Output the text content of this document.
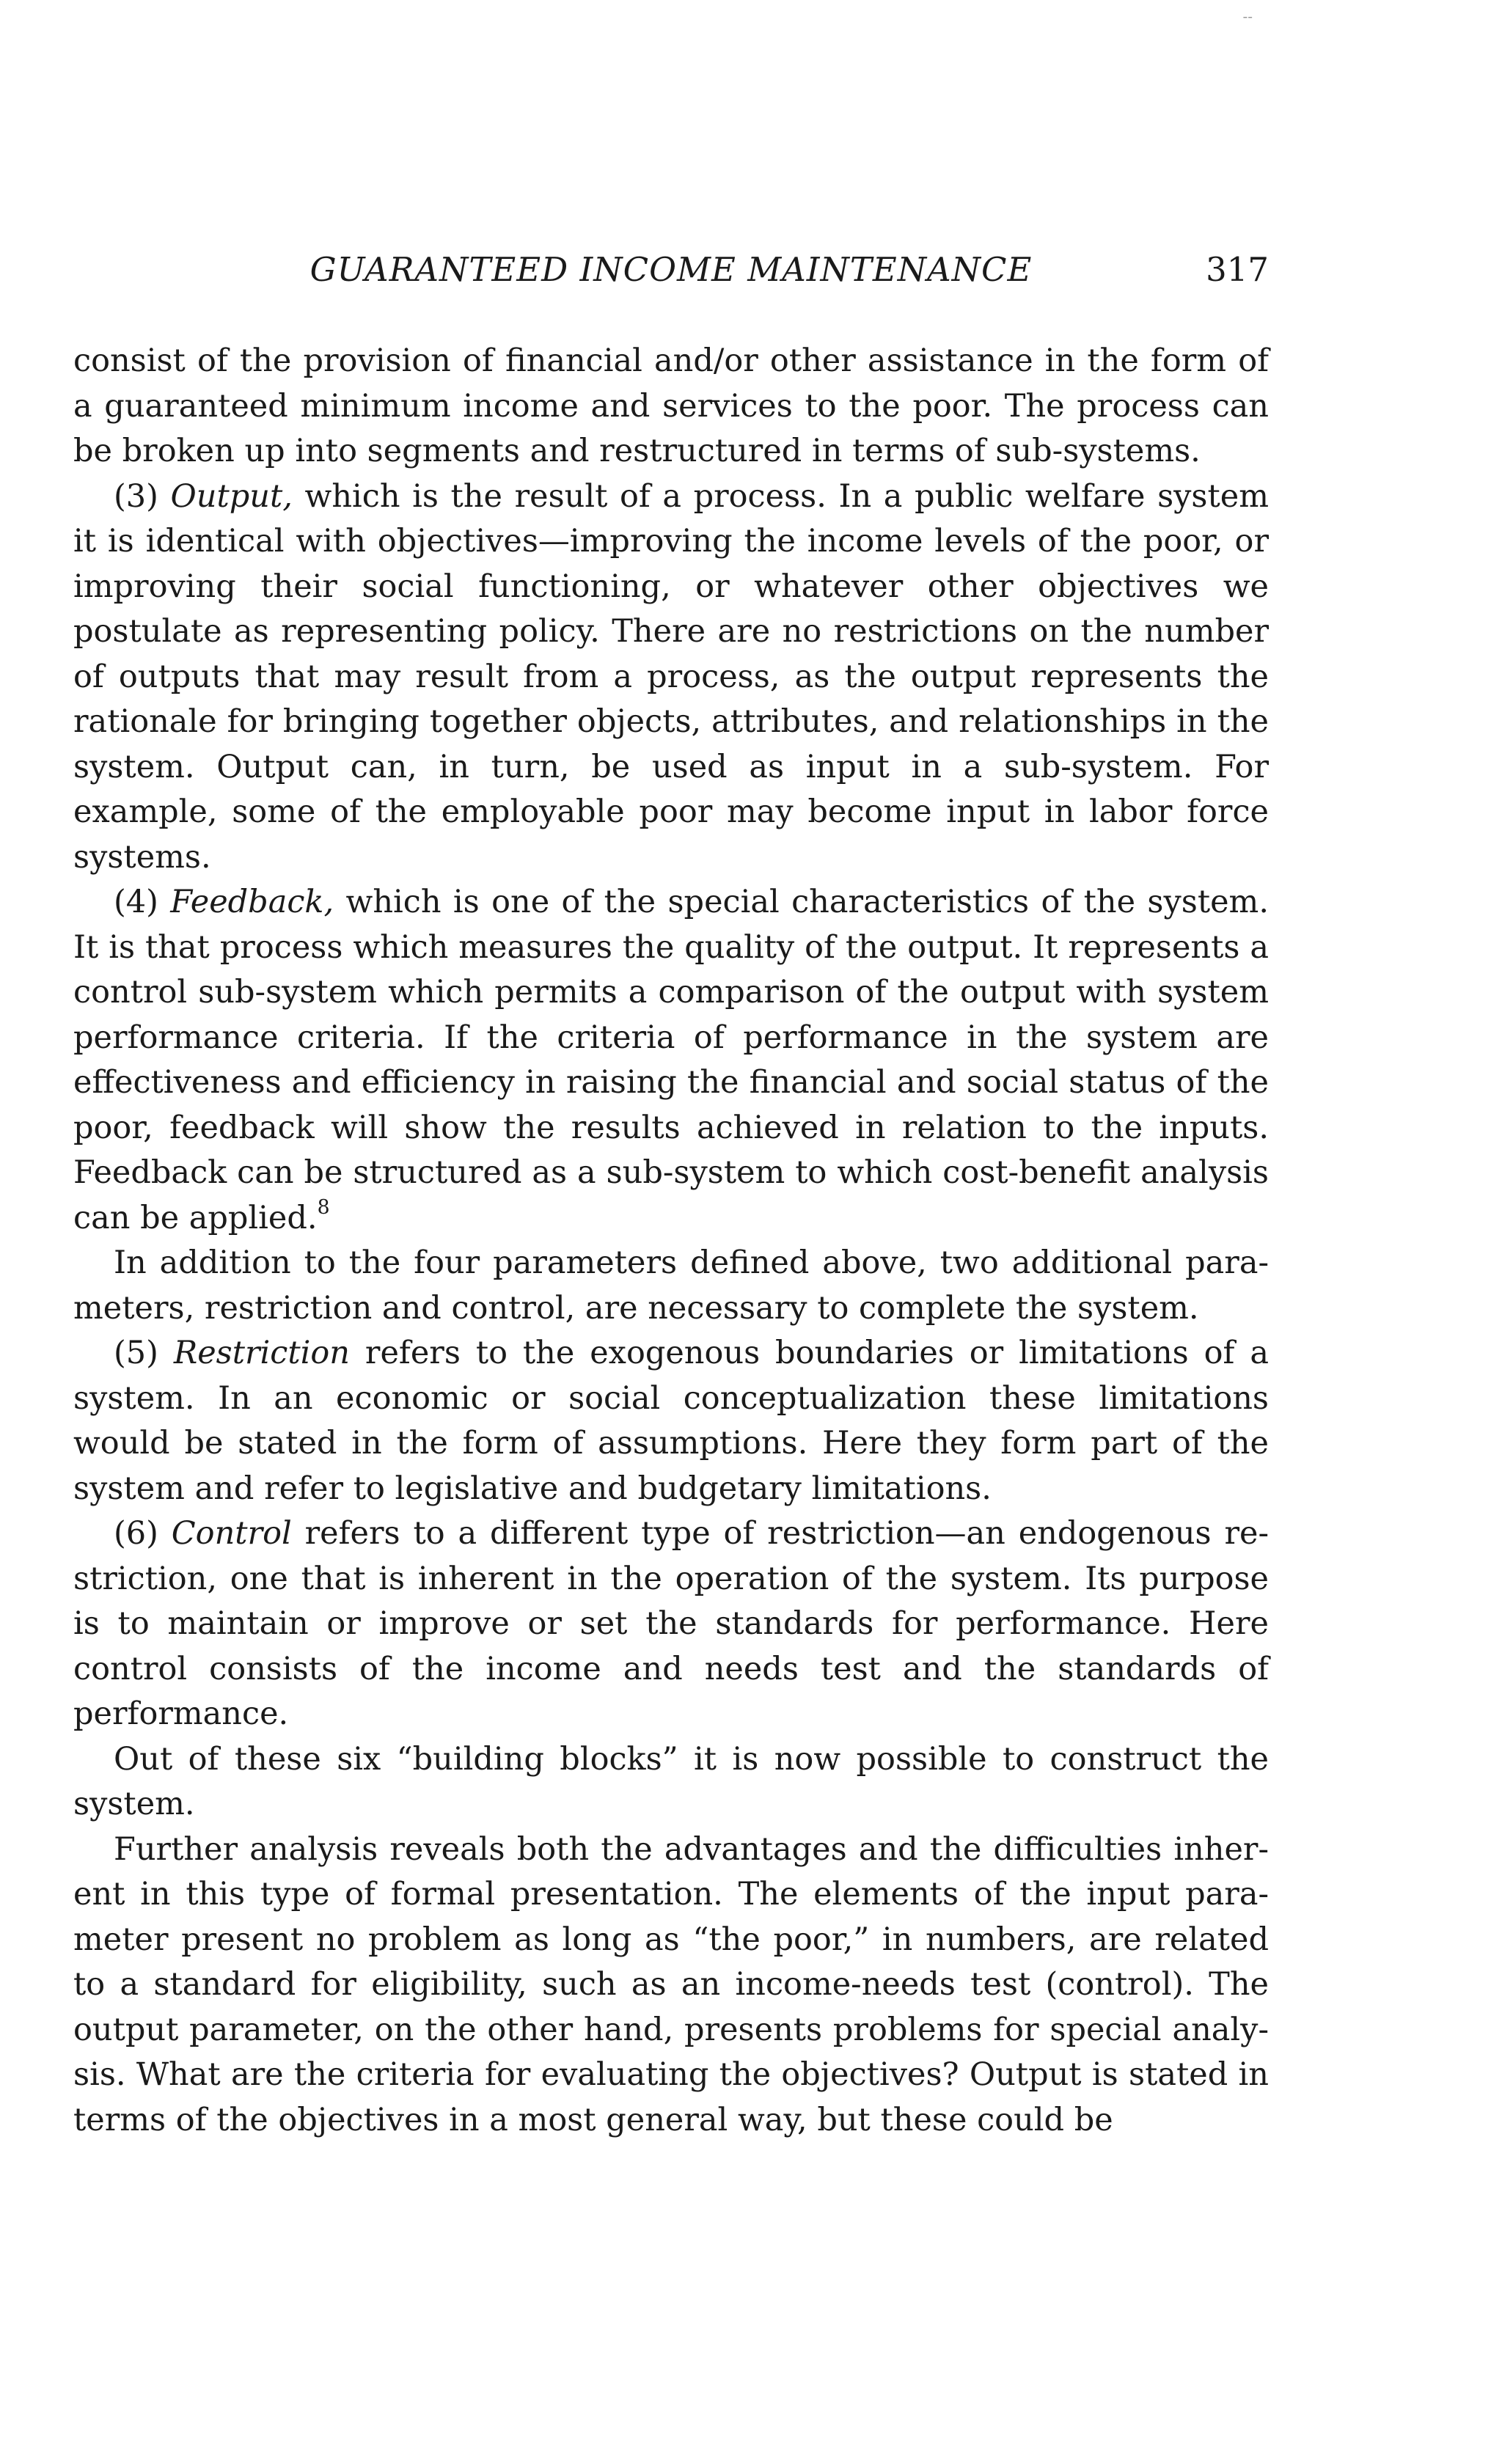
--
GUARANTEED INCOME MAINTENANCE	317

consist of the provision of financial and/or other assistance in the form of a guaranteed minimum income and services to the poor. The process can be broken up into segments and restructured in terms of sub-systems.

(3) Output, which is the result of a process. In a public welfare system it is identical with objectives—improving the income levels of the poor, or improving their social functioning, or whatever other objectives we postulate as representing policy. There are no restrictions on the number of outputs that may result from a process, as the output represents the rationale for bringing together objects, attributes, and relationships in the system. Output can, in turn, be used as input in a sub-system. For example, some of the employable poor may become input in labor force systems.

(4) Feedback, which is one of the special characteristics of the system. It is that process which measures the quality of the output. It represents a control sub-system which permits a comparison of the output with system performance criteria. If the criteria of performance in the system are effectiveness and efficiency in raising the financial and social status of the poor, feedback will show the results achieved in relation to the inputs. Feedback can be structured as a sub-system to which cost-benefit analysis can be applied.$^8$

In addition to the four parameters defined above, two additional parameters, restriction and control, are necessary to complete the system.

(5) Restriction refers to the exogenous boundaries or limitations of a system. In an economic or social conceptualization these limitations would be stated in the form of assumptions. Here they form part of the system and refer to legislative and budgetary limitations.

(6) Control refers to a different type of restriction—an endogenous restriction, one that is inherent in the operation of the system. Its purpose is to maintain or improve or set the standards for performance. Here control consists of the income and needs test and the standards of performance.

Out of these six “building blocks” it is now possible to construct the system.

Further analysis reveals both the advantages and the difficulties inherent in this type of formal presentation. The elements of the input parameter present no problem as long as “the poor,” in numbers, are related to a standard for eligibility, such as an income-needs test (control). The output parameter, on the other hand, presents problems for special analysis. What are the criteria for evaluating the objectives? Output is stated in terms of the objectives in a most general way, but these could be
